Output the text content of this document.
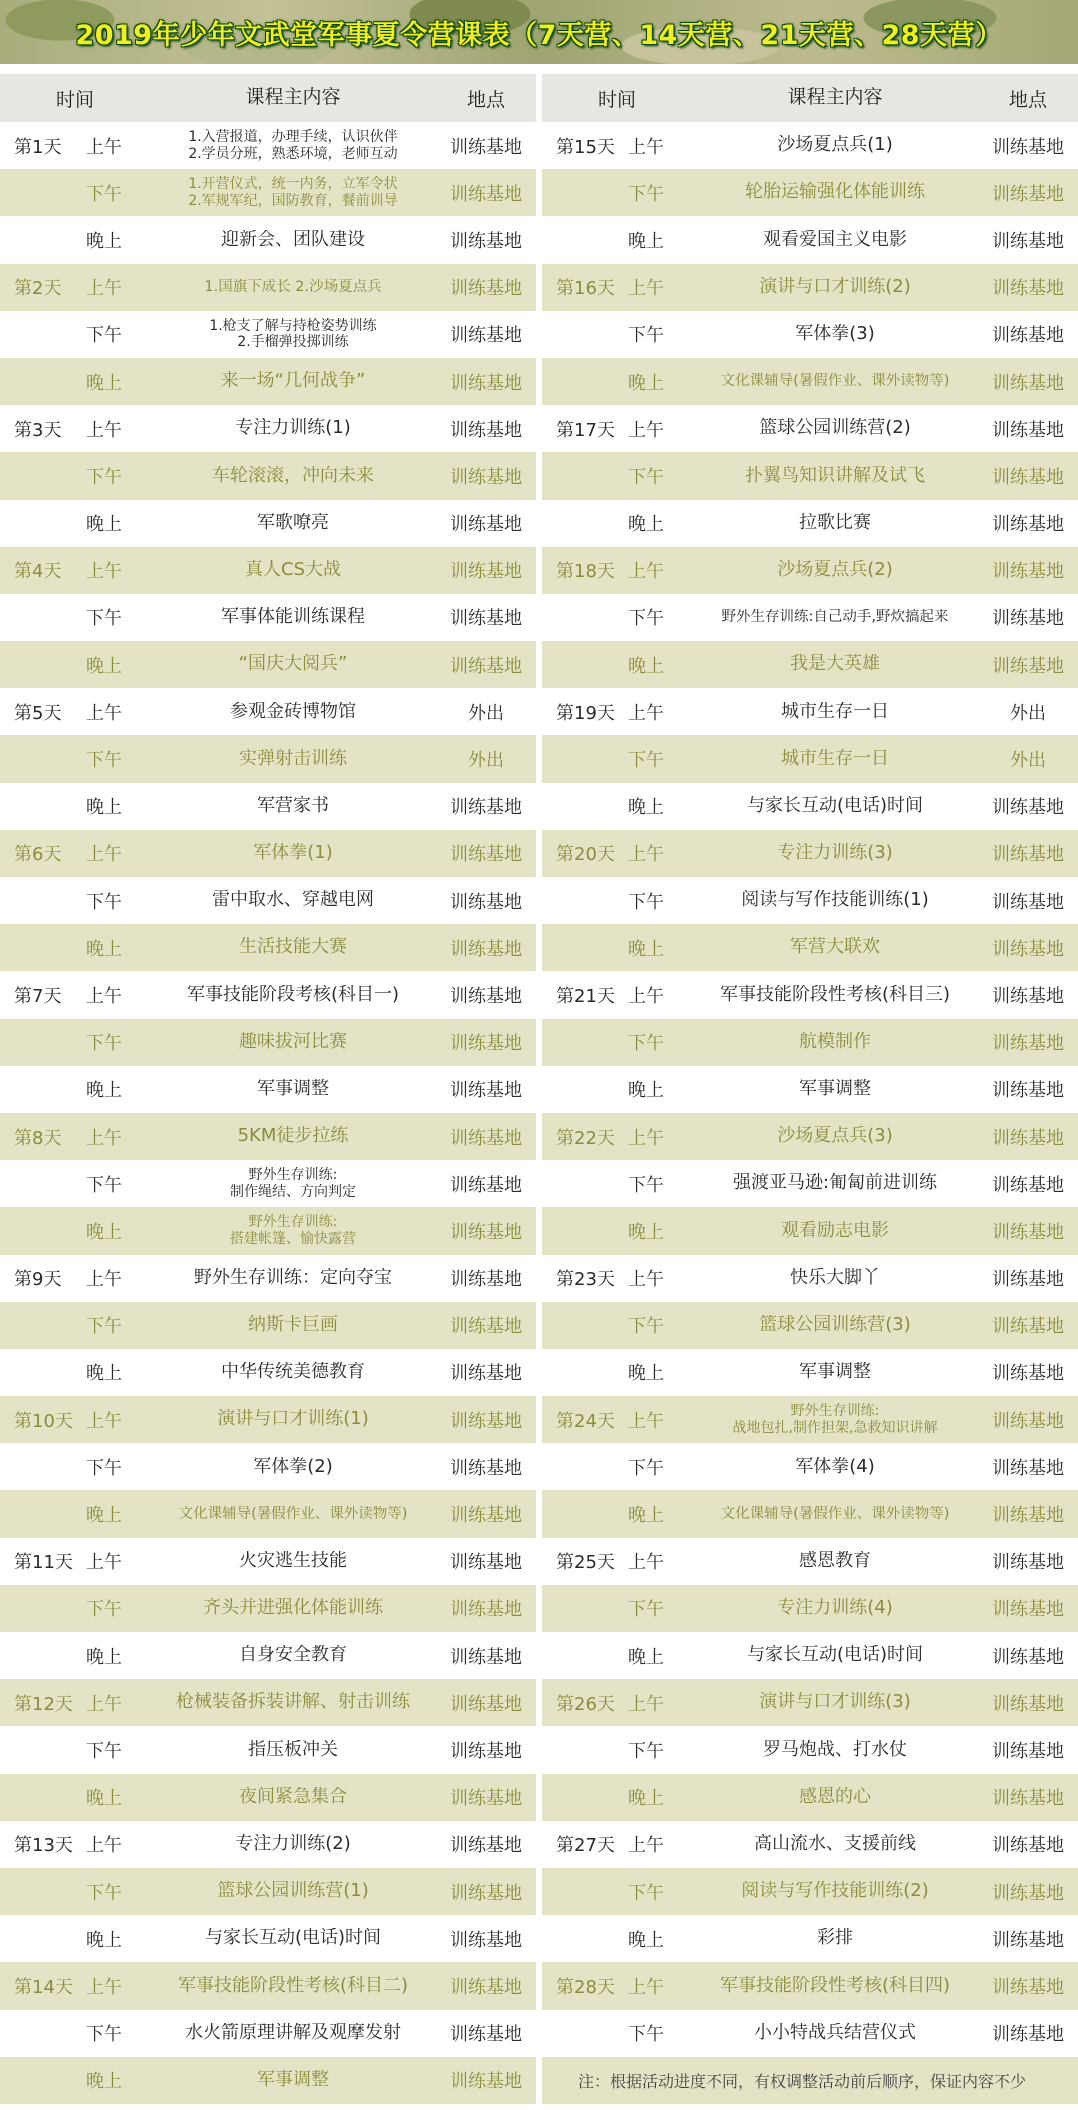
2019年少年文武堂军事夏令营课表（7天营、14天营、21天营、28天营）
时间	课程主内容	地点
第1天	上午	1.入营报道，办理手续，认识伙伴
2.学员分班，熟悉环境，老师互动	训练基地
下午	1.开营仪式，统一内务，立军令状
2.军规军纪，国防教育，餐前训导	训练基地
晚上	迎新会、团队建设	训练基地
第2天	上午	1.国旗下成长 2.沙场夏点兵	训练基地
下午	1.枪支了解与持枪姿势训练
2.手榴弹投掷训练	训练基地
晚上	来一场“几何战争”	训练基地
第3天	上午	专注力训练(1)	训练基地
下午	车轮滚滚，冲向未来	训练基地
晚上	军歌嘹亮	训练基地
第4天	上午	真人CS大战	训练基地
下午	军事体能训练课程	训练基地
晚上	“国庆大阅兵”	训练基地
第5天	上午	参观金砖博物馆	外出
下午	实弹射击训练	外出
晚上	军营家书	训练基地
第6天	上午	军体拳(1)	训练基地
下午	雷中取水、穿越电网	训练基地
晚上	生活技能大赛	训练基地
第7天	上午	军事技能阶段考核(科目一)	训练基地
下午	趣味拔河比赛	训练基地
晚上	军事调整	训练基地
第8天	上午	5KM徒步拉练	训练基地
下午	野外生存训练:
制作绳结、方向判定	训练基地
晚上	野外生存训练:
搭建帐篷、愉快露营	训练基地
第9天	上午	野外生存训练：定向夺宝	训练基地
下午	纳斯卡巨画	训练基地
晚上	中华传统美德教育	训练基地
第10天 上午	演讲与口才训练(1)	训练基地
下午	军体拳(2)	训练基地
晚上	文化课辅导(暑假作业、课外读物等)	训练基地
第11天 上午	火灾逃生技能	训练基地
下午	齐头并进强化体能训练	训练基地
晚上	自身安全教育	训练基地
第12天 上午	枪械装备拆装讲解、射击训练	训练基地
下午	指压板冲关	训练基地
晚上	夜间紧急集合	训练基地
第13天 上午	专注力训练(2)	训练基地
下午	篮球公园训练营(1)	训练基地
晚上	与家长互动(电话)时间	训练基地
第14天 上午	军事技能阶段性考核(科目二)	训练基地
下午	水火箭原理讲解及观摩发射	训练基地
晚上	军事调整	训练基地
时间	课程主内容	地点
第15天 上午	沙场夏点兵(1)	训练基地
下午	轮胎运输强化体能训练	训练基地
晚上	观看爱国主义电影	训练基地
第16天 上午	演讲与口才训练(2)	训练基地
下午	军体拳(3)	训练基地
晚上	文化课辅导(暑假作业、课外读物等)	训练基地
第17天 上午	篮球公园训练营(2)	训练基地
下午	扑翼鸟知识讲解及试飞	训练基地
晚上	拉歌比赛	训练基地
第18天 上午	沙场夏点兵(2)	训练基地
下午	野外生存训练:自己动手,野炊搞起来	训练基地
晚上	我是大英雄	训练基地
第19天 上午	城市生存一日	外出
下午	城市生存一日	外出
晚上	与家长互动(电话)时间	训练基地
第20天 上午	专注力训练(3)	训练基地
下午	阅读与写作技能训练(1)	训练基地
晚上	军营大联欢	训练基地
第21天 上午	军事技能阶段性考核(科目三)	训练基地
下午	航模制作	训练基地
晚上	军事调整	训练基地
第22天 上午	沙场夏点兵(3)	训练基地
下午	强渡亚马逊:匍匐前进训练	训练基地
晚上	观看励志电影	训练基地
第23天 上午	快乐大脚丫	训练基地
下午	篮球公园训练营(3)	训练基地
晚上	军事调整	训练基地
第24天 上午	野外生存训练:
战地包扎,制作担架,急救知识讲解	训练基地
下午	军体拳(4)	训练基地
晚上	文化课辅导(暑假作业、课外读物等)	训练基地
第25天 上午	感恩教育	训练基地
下午	专注力训练(4)	训练基地
晚上	与家长互动(电话)时间	训练基地
第26天 上午	演讲与口才训练(3)	训练基地
下午	罗马炮战、打水仗	训练基地
晚上	感恩的心	训练基地
第27天 上午	高山流水、支援前线	训练基地
下午	阅读与写作技能训练(2)	训练基地
晚上	彩排	训练基地
第28天 上午	军事技能阶段性考核(科目四)	训练基地
下午	小小特战兵结营仪式	训练基地
注：根据活动进度不同，有权调整活动前后顺序，保证内容不少
